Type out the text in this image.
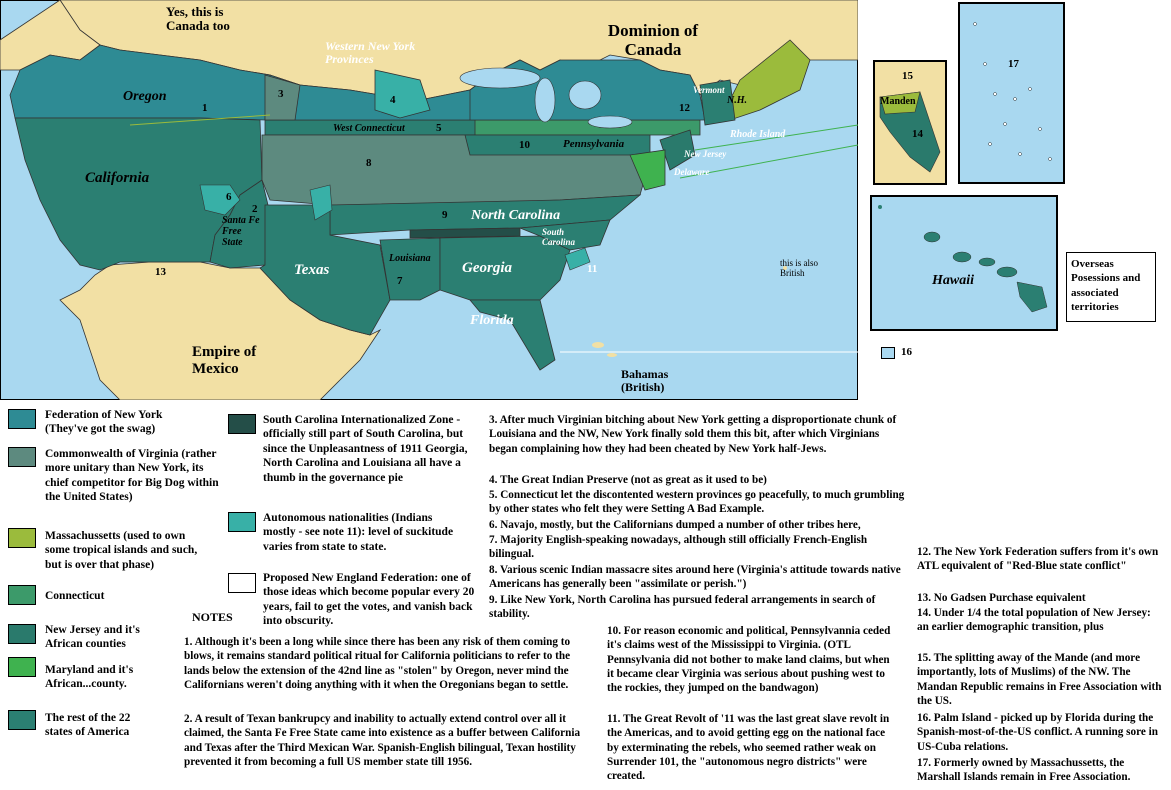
Yes, this is Canada too	Dominion of Canada
Western New York Provinces
Oregon
California
West Connecticut
Pennsylvania
Vermont
N.H.
Rhode Island
New Jersey
Delaware
North Carolina
South Carolina
Santa Fe Free State
Louisiana
Texas	Georgia
Florida
this is also British
Empire of Mexico	Bahamas (British)
1
2
3	4
5
6
7
8
9
10
11
12
13
15
Manden
14
17
Hawaii
Overseas Posessions and associated territories
16
Federation of New York (They've got the swag)
Commonwealth of Virginia (rather more unitary than New York, its chief competitor for Big Dog within the United States)
Massachussetts (used to own some tropical islands and such, but is over that phase)
Connecticut
New Jersey and it's African counties
Maryland and it's African...county.
The rest of the 22 states of America
South Carolina Internationalized Zone - officially still part of South Carolina, but since the Unpleasantness of 1911 Georgia, North Carolina and Louisiana all have a thumb in the governance pie
Autonomous nationalities (Indians mostly - see note 11): level of suckitude varies from state to state.
Proposed New England Federation: one of those ideas which become popular every 20 years, fail to get the votes, and vanish back into obscurity.
NOTES
1. Although it's been a long while since there has been any risk of them coming to blows, it remains standard political ritual for California politicians to refer to the lands below the extension of the 42nd line as "stolen" by Oregon, never mind the Californians weren't doing anything with it when the Oregonians began to settle.
2. A result of Texan bankrupcy and inability to actually extend control over all it claimed, the Santa Fe Free State came into existence as a buffer between California and Texas after the Third Mexican War. Spanish-English bilingual, Texan hostility prevented it from becoming a full US member state till 1956.
3. After much Virginian bitching about New York getting a disproportionate chunk of Louisiana and the NW, New York finally sold them this bit, after which Virginians began complaining how they had been cheated by New York half-Jews.
4. The Great Indian Preserve (not as great as it used to be)
5. Connecticut let the discontented western provinces go peacefully, to much grumbling by other states who felt they were Setting A Bad Example.
6. Navajo, mostly, but the Californians dumped a number of other tribes here,
7. Majority English-speaking nowadays, although still officially French-English bilingual.
8. Various scenic Indian massacre sites around here (Virginia's attitude towards native Americans has generally been "assimilate or perish.")
9. Like New York, North Carolina has pursued federal arrangements in search of stability.
10. For reason economic and political, Pennsylvannia ceded it's claims west of the Mississippi to Virginia. (OTL Pennsylvania did not bother to make land claims, but when it became clear Virginia was serious about pushing west to the rockies, they jumped on the bandwagon)
11. The Great Revolt of '11 was the last great slave revolt in the Americas, and to avoid getting egg on the national face by exterminating the rebels, who seemed rather weak on Surrender 101, the "autonomous negro districts" were created.
12. The New York Federation suffers from it's own ATL equivalent of "Red-Blue state conflict"
13. No Gadsen Purchase equivalent
14. Under 1/4 the total population of New Jersey: an earlier demographic transition, plus
15. The splitting away of the Mande (and more importantly, lots of Muslims) of the NW. The Mandan Republic remains in Free Association with the US.
16. Palm Island - picked up by Florida during the Spanish-most-of-the-US conflict. A running sore in US-Cuba relations.
17. Formerly owned by Massachussetts, the Marshall Islands remain in Free Association.
